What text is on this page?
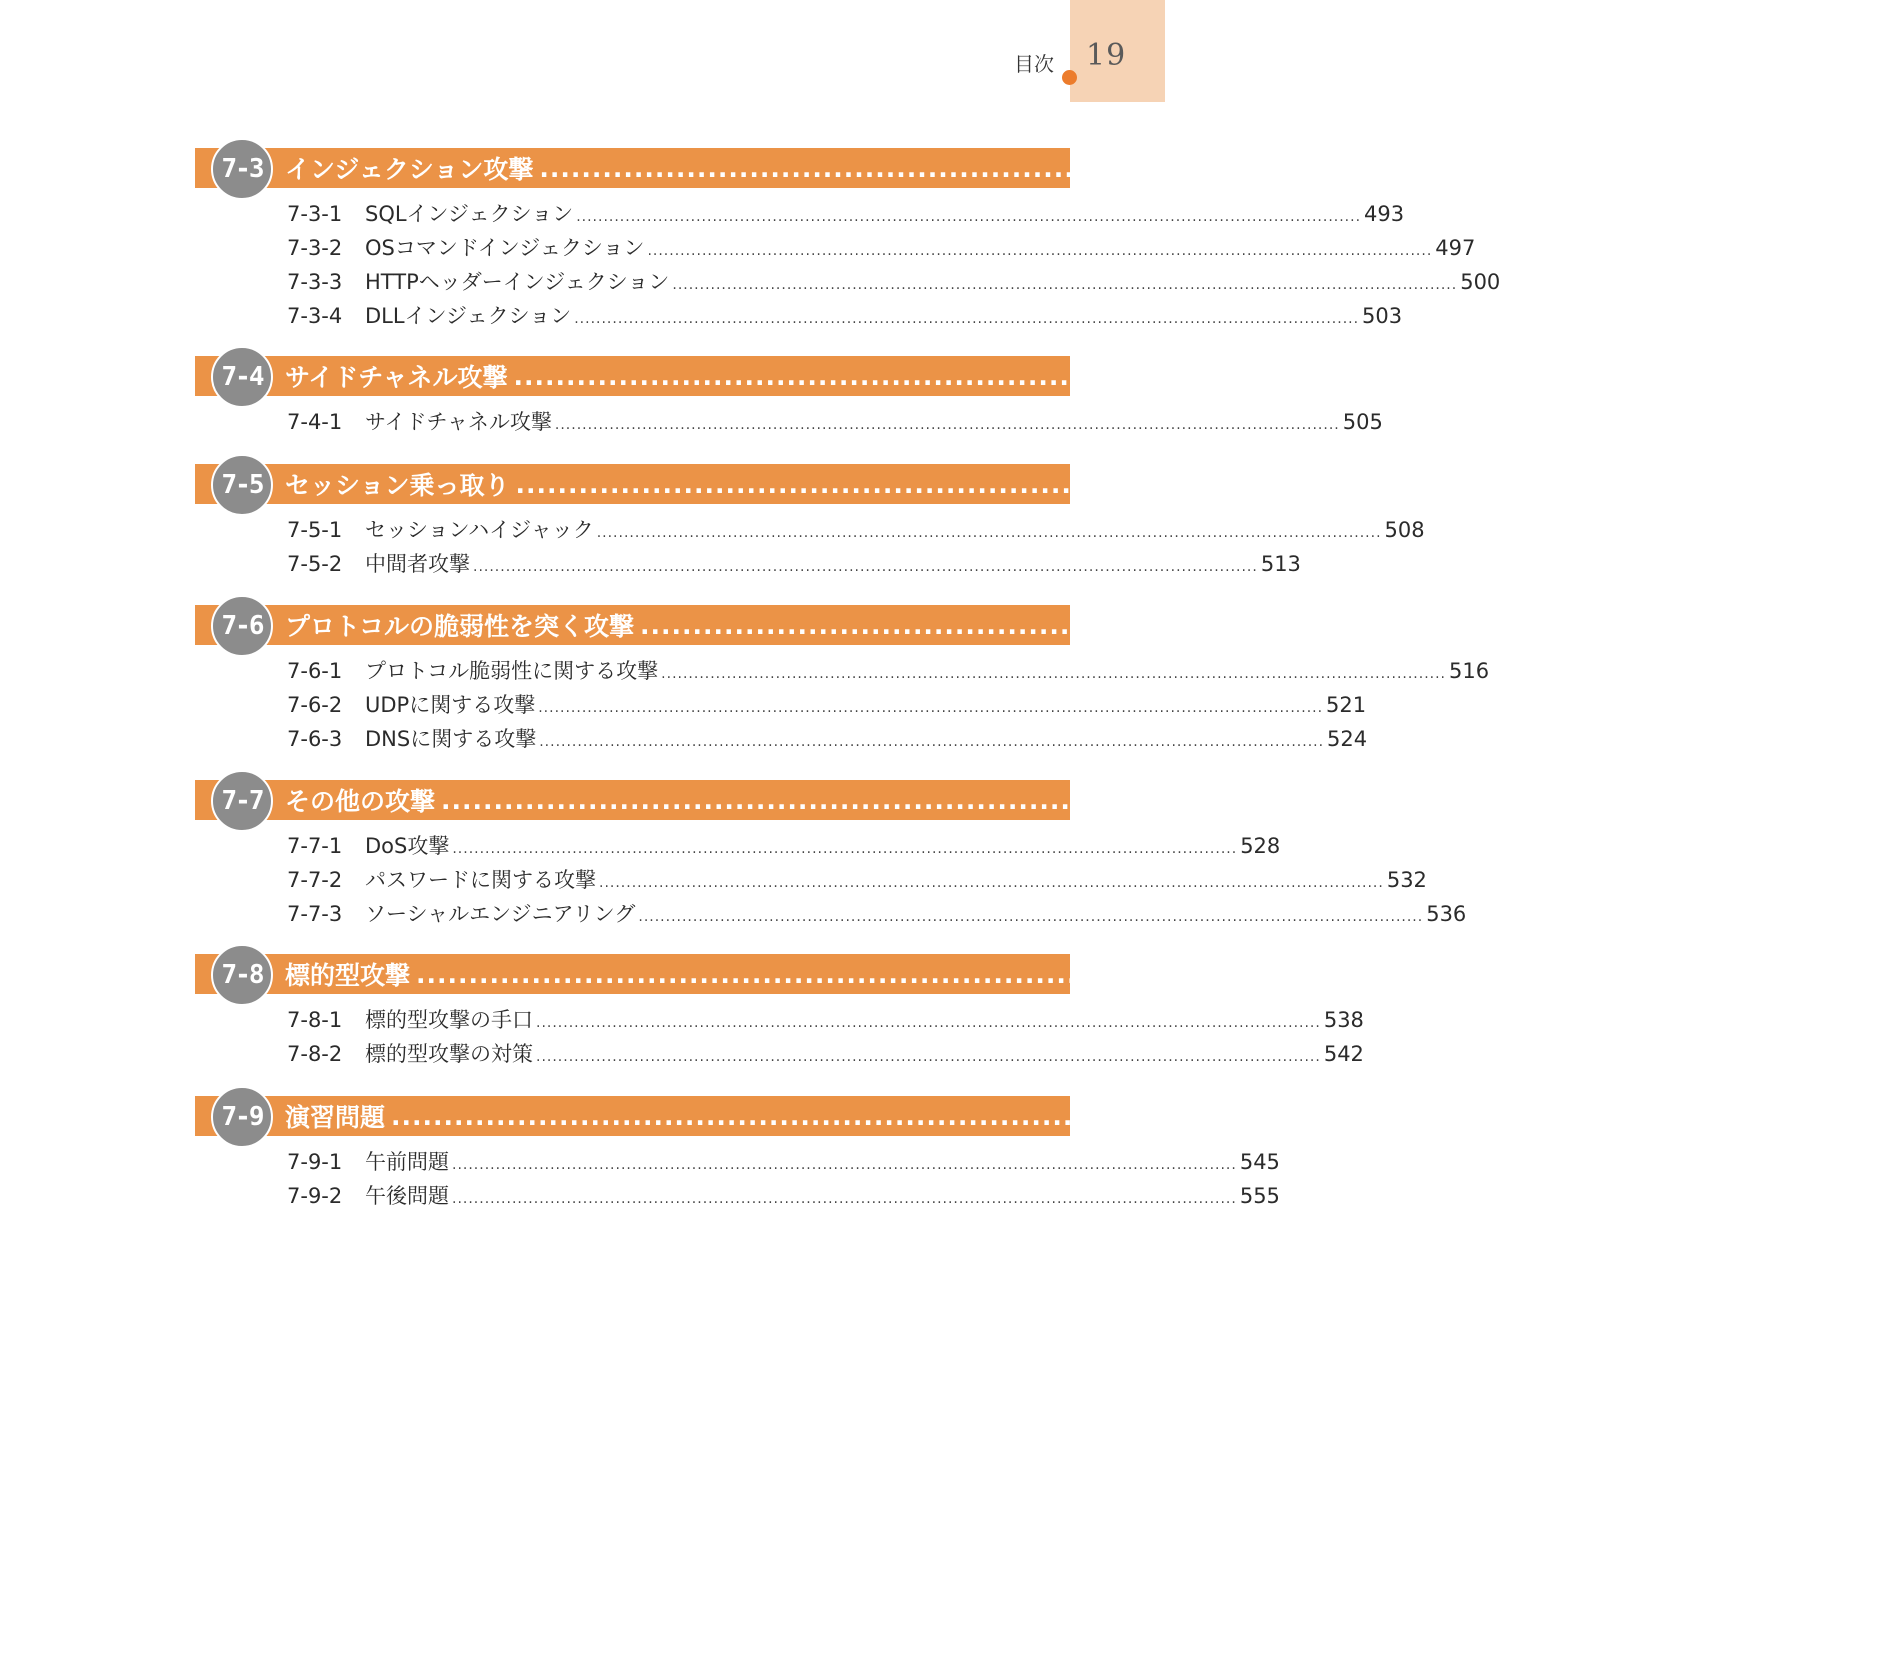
目次 19
7-3 インジェクション攻撃 .................................................................................................................. 493
7-3-1	SQLインジェクション ................................................................................................................................................ 493
7-3-2	OSコマンドインジェクション ................................................................................................................................................ 497
7-3-3	HTTPヘッダーインジェクション ................................................................................................................................................ 500
7-3-4	DLLインジェクション ................................................................................................................................................ 503
7-4 サイドチャネル攻撃 .................................................................................................................. 505
7-4-1	サイドチャネル攻撃 ................................................................................................................................................ 505
7-5 セッション乗っ取り .................................................................................................................. 508
7-5-1	セッションハイジャック ................................................................................................................................................ 508
7-5-2	中間者攻撃 ................................................................................................................................................ 513
7-6 プロトコルの脆弱性を突く攻撃 .................................................................................................................. 516
7-6-1	プロトコル脆弱性に関する攻撃 ................................................................................................................................................ 516
7-6-2	UDPに関する攻撃 ................................................................................................................................................ 521
7-6-3	DNSに関する攻撃 ................................................................................................................................................ 524
7-7 その他の攻撃 .................................................................................................................. 528
7-7-1	DoS攻撃 ................................................................................................................................................ 528
7-7-2	パスワードに関する攻撃 ................................................................................................................................................ 532
7-7-3	ソーシャルエンジニアリング ................................................................................................................................................ 536
7-8 標的型攻撃 .................................................................................................................. 538
7-8-1	標的型攻撃の手口 ................................................................................................................................................ 538
7-8-2	標的型攻撃の対策 ................................................................................................................................................ 542
7-9 演習問題 .................................................................................................................. 545
7-9-1	午前問題 ................................................................................................................................................ 545
7-9-2	午後問題 ................................................................................................................................................ 555
